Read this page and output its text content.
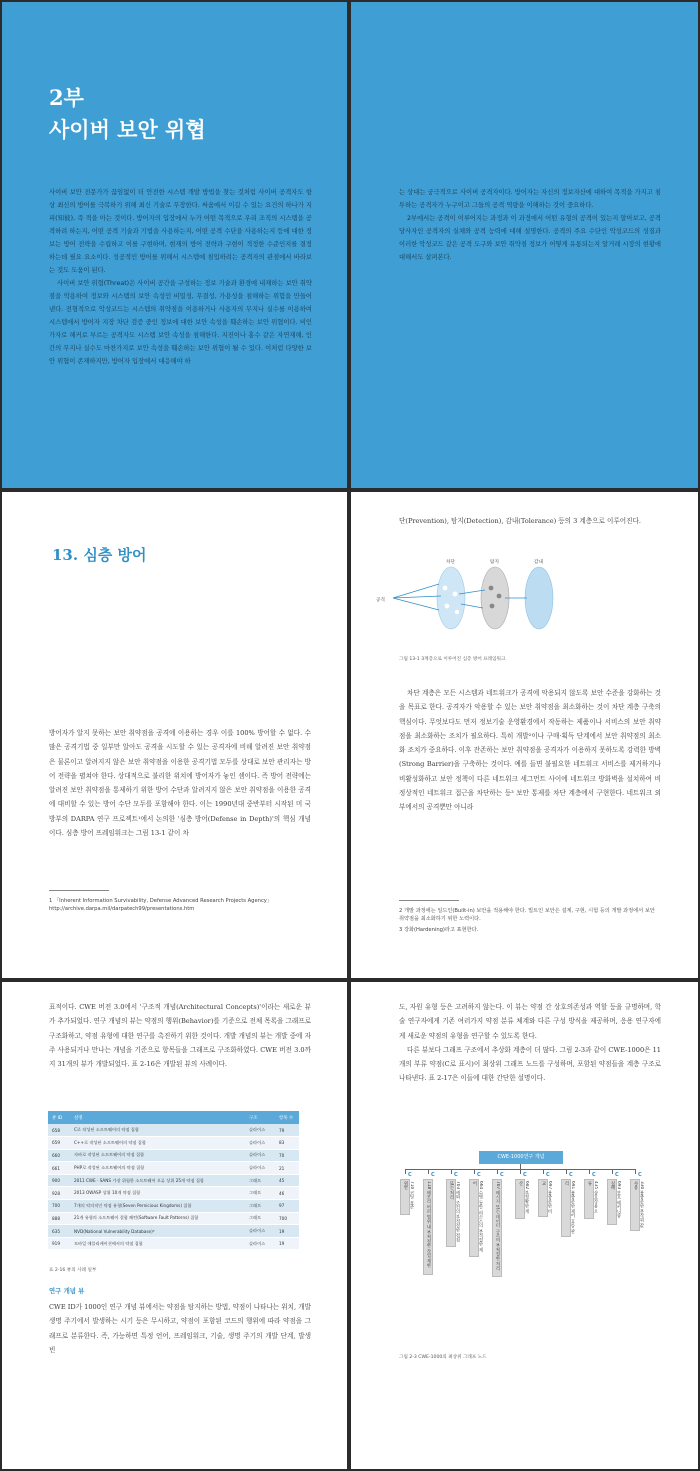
2부
사이버 보안 위협

사이버 보안 전문가가 끊임없이 더 안전한 시스템 개발 방법을 찾는 것처럼 사이버 공격자도 항상 최신의 방어를 극복하기 위해 최신 기술로 무장한다. 싸움에서 이길 수 있는 요건의 하나가 지피(知彼), 즉 적을 아는 것이다. 방어자의 입장에서 누가 어떤 목적으로 우리 조직의 시스템을 공격하려 하는지, 어떤 공격 기술과 기법을 사용하는지, 어떤 공격 수단을 사용하는지 등에 대한 정보는 방어 전략을 수립하고 이를 구현하며, 현재의 방어 전략과 구현이 적정한 수준인지를 결정하는데 필요 요소이다. 성공적인 방어를 위해서 시스템에 침입하려는 공격자의 관점에서 바라보는 것도 도움이 된다.

사이버 보안 위협(Threat)은 사이버 공간을 구성하는 정보 기술과 환경에 내재하는 보안 취약점을 악용하여 정보와 시스템의 보안 속성인 비밀성, 무결성, 가용성을 침해하는 위험을 만들어낸다. 전형적으로 악성코드는 시스템의 취약점을 이용하거나 사용자의 무지나 실수를 이용하여 시스템에서 방어자 지장 차단 검증 중인 정보에 대한 보안 속성을 훼손하는 보안 위협이다. 비인가자로 해커로 부르는 공격자도 시스템 보안 속성을 침해한다. 지진이나 홍수 같은 자연재해, 인간의 무지나 실수도 마찬가지로 보안 속성을 훼손하는 보안 위협이 될 수 있다. 이처럼 다양한 보안 위협이 존재하지만, 방어자 입장에서 대응해야 하

는 상대는 궁극적으로 사이버 공격자이다. 방어자는 자신의 정보자산에 대하여 목적을 가지고 침투하는 공격자가 누구이고 그들의 공격 역량을 이해하는 것이 중요하다.

2부에서는 공격이 이루어지는 과정과 이 과정에서 어떤 유형의 공격이 있는지 알아보고, 공격 당사자인 공격자의 실체와 공격 능력에 대해 설명한다. 공격의 주요 수단인 악성코드의 성질과 이러한 악성코드 같은 공격 도구와 보안 취약점 정보가 어떻게 유통되는지 알거래 시장의 현황에 대해서도 살펴본다.

13. 심층 방어

방어자가 알지 못하는 보안 취약점을 공격에 이용하는 경우 이를 100% 방어할 수 없다. 수많은 공격기법 중 일부만 알아도 공격을 시도할 수 있는 공격자에 비해 알려진 보안 취약점은 물론이고 알려지지 않은 보안 취약점을 이용한 공격기법 모두를 상대로 보안 관리자는 방어 전략을 펼쳐야 한다. 상대적으로 불리한 위치에 방어자가 놓인 셈이다. 즉 방어 전략에는 알려진 보안 취약점을 통제하기 위한 방어 수단과 알려지지 않은 보안 취약점을 이용한 공격에 대비할 수 있는 방어 수단 모두를 포함해야 한다. 이는 1990년대 중반부터 시작된 미 국방부의 DARPA 연구 프로젝트¹에서 논의한 '심층 방어(Defense in Depth)'의 핵심 개념이다. 심층 방어 프레임워크는 그림 13-1 같이 차

1 「Inherent Information Survivability, Defense Advanced Research Projects Agency」 http://archive.darpa.mil/darpatech99/presentations.htm

단(Prevention), 탐지(Detection), 감내(Tolerance) 등의 3 계층으로 이루어진다.

차단	탐지	감내
공격
그림 13-1 3계층으로 이루어진 심층 방어 프레임워크

차단 계층은 모든 시스템과 네트워크가 공격에 악용되지 않도록 보안 수준을 강화하는 것을 목표로 한다. 공격자가 악용할 수 있는 보안 취약점을 최소화하는 것이 차단 계층 구축의 핵심이다. 무엇보다도 먼저 정보기술 운영환경에서 작동하는 제품이나 서비스의 보안 취약점을 최소화하는 조치가 필요하다. 특히 개발²이나 구매·획득 단계에서 보안 취약점의 최소화 조치가 중요하다. 이후 잔존하는 보안 취약점을 공격자가 이용하지 못하도록 강력한 방벽(Strong Barrier)을 구축하는 것이다. 예를 들면 불필요한 네트워크 서비스를 제거하거나 비활성화하고 보안 정책이 다른 네트워크 세그먼트 사이에 네트워크 방화벽을 설치하여 비정상적인 네트워크 접근을 차단하는 등³ 보안 통제를 차단 계층에서 구현한다. 네트워크 외부에서의 공격뿐만 아니라

2 개발 과정에는 일드인(Built-in) 보안을 적용해야 한다. 빌트인 보안은 설계, 구현, 시험 등의 개발 과정에서 보안 취약점을 최소화하기 위한 노력이다.
3 강화(Hardening)라고 표현한다.

표적이다. CWE 버전 3.0에서 '구조적 개념(Architectural Concepts)'이라는 새로운 뷰가 추가되었다. 연구 개념의 뷰는 약점의 행위(Behavior)를 기준으로 전체 목록을 그래프로 구조화하고, 약점 유형에 대한 연구를 촉진하기 위한 것이다. 개발 개념의 뷰는 개발 중에 자주 사용되거나 만나는 개념을 기준으로 항목들을 그래프로 구조화하였다. CWE 버전 3.0까지 31개의 뷰가 개발되었다. 표 2-16은 개발된 뷰의 사례이다.

뷰 ID	설명	구조	항목 수
658	C로 작성된 소프트웨어의 약점 집합	슬라이스	79
659	C++로 작성된 소프트웨어의 약점 집합	슬라이스	83
660	자바로 작성된 소프트웨어의 약점 집합	슬라이스	70
661	PHP로 작성된 소프트웨어의 약점 집합	슬라이스	21
900	2011 CWE · SANS 가장 위험한 소프트웨어 오류 상위 25개 약점 집합	그래프	45
928	2013 OWASP 상위 10개 약점 집합	그래프	46
700	7개의 악의적인 약점 유형(Seven Pernicious Kingdoms) 집합	그래프	97
888	21개 유형의 소프트웨어 결함 패턴(Software Fault Patterns) 집합	그래프	700
635	NVD(National Vulnerability Database)⁸	슬라이스	19
919	모바일 애플리케이션에서의 약점 집합	슬라이스	19
표 2-16 뷰의 사례 일부
연구 개념 뷰

CWE ID가 1000인 연구 개념 뷰에서는 약점을 탐지하는 방법, 약점이 나타나는 위치, 개발 생명 주기에서 발생하는 시기 등은 무시하고, 약점이 포함된 코드의 행위에 따라 약점을 그래프로 분류한다. 즉, 가능하면 특정 언어, 프레임워크, 기술, 생명 주기의 개발 단계, 발생 빈

도, 자원 유형 등은 고려하지 않는다. 이 뷰는 약점 간 상호의존성과 역할 등을 규명하며, 학술 연구자에게 기존 여러가지 약점 분류 체계와 다른 구성 방식을 제공하며, 응용 연구자에게 새로운 약점의 유형을 연구할 수 있도록 한다.

다른 뷰보다 그래프 구조에서 추상화 계층이 더 많다. 그림 2-3과 같이 CWE-1000은 11개의 부류 약점(C로 표시)이 최상위 그래프 노드를 구성하며, 포함된 약점들을 계층 구조로 나타낸다. 표 2-17은 이들에 대한 간단한 설명이다.

CWE-1000연구 개념
C
710 코딩 표준 위반
C
118 메모리 버퍼 범위 내 부적절한 작업 제한
C
703 예외 조건의 부적절한 점검 또는 처리
C
664 수명 동안 리소스의 부적절한 제어
C
707 메시지 또는 데이터 구조의 부적절한 처리
C
682 부정확한 계산
C
697 불충분한 비교
C
691 불충분한 제어 흐름 관리
C
435 상호작용 오류
C
693 보호 메커니즘 실패
C
330 불충분한 무작위 값 사용
그림 2-3 CWE-1000의 최상위 그래프 노드
